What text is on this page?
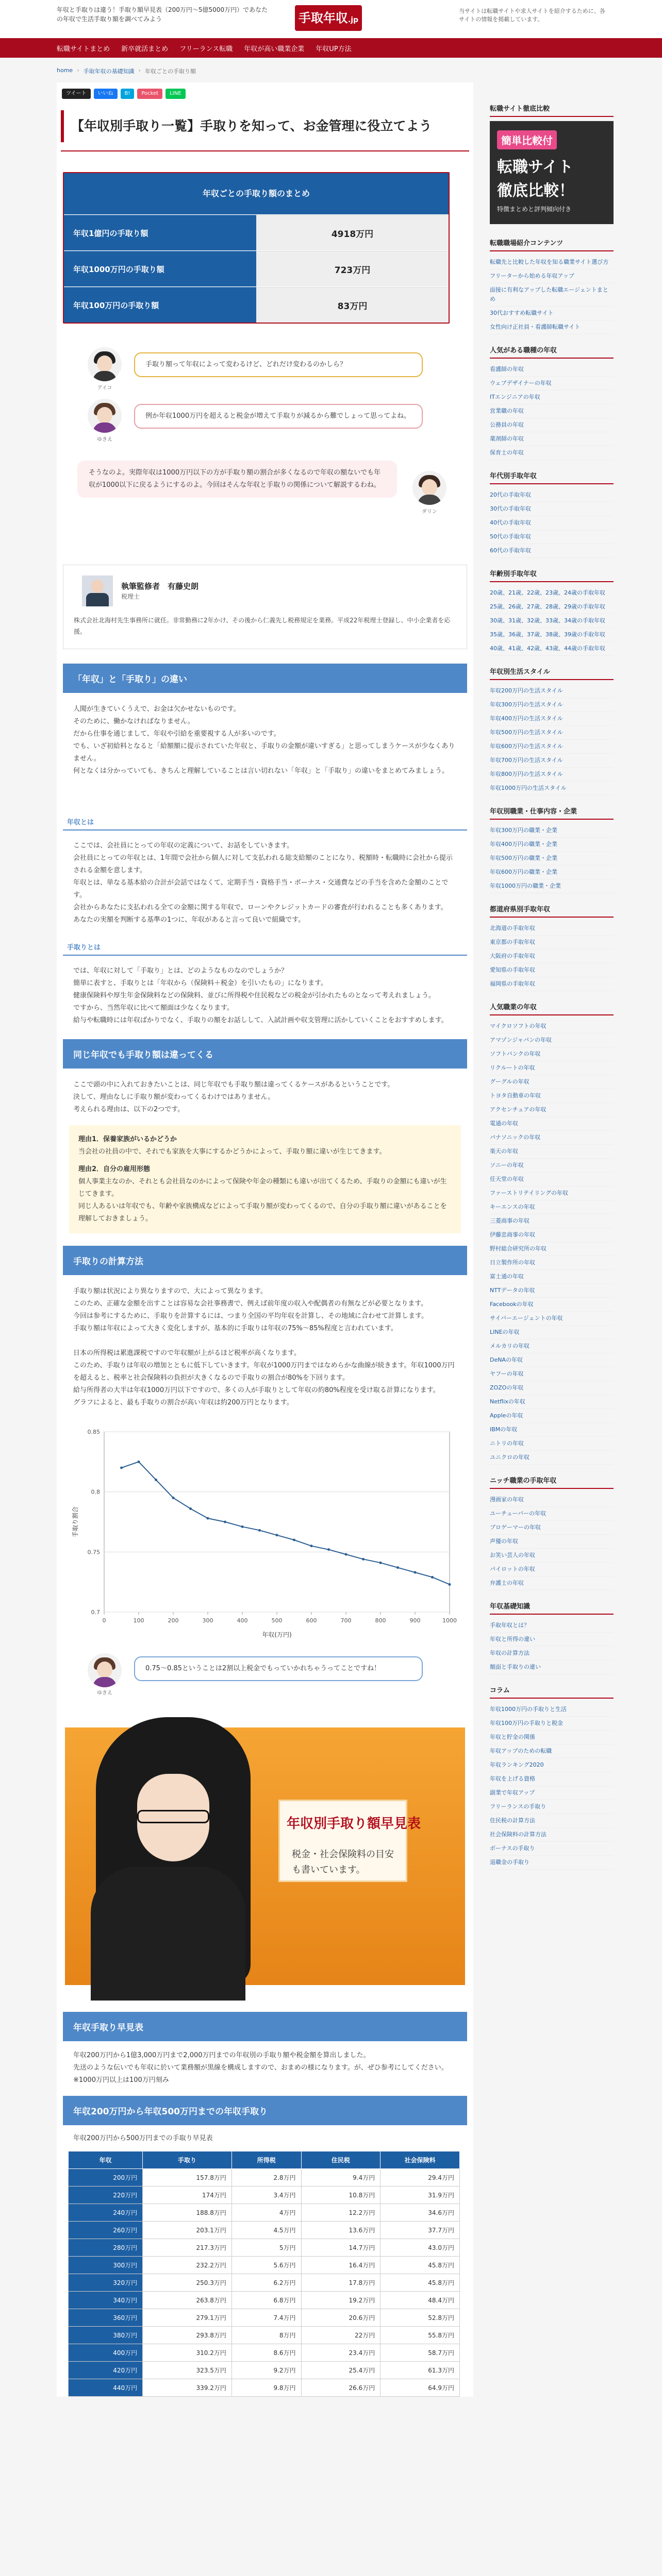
年収と手取りは違う！手取り額早見表（200万円〜5億5000万円）であなたの年収で生活手取り額を調べてみよう	手取年収.jp
当サイトは転職サイトや求人サイトを紹介するために、各サイトの情報を掲載しています。
転職サイトまとめ 新卒就活まとめ フリーランス転職 年収が高い職業企業 年収UP方法
home › 手取年収の基礎知識 › 年収ごとの手取り額
ツイート	いいね	B!	Pocket	LINE
【年収別手取り一覧】手取りを知って、お金管理に役立てよう
年収ごとの手取り額のまとめ
年収1億円の手取り額	4918万円
年収1000万円の手取り額	723万円
年収100万円の手取り額	83万円
アイコ
手取り額って年収によって変わるけど、どれだけ変わるのかしら？
ゆきえ
例か年収1000万円を超えると税金が増えて手取りが減るから難でしょって思ってよね。
そうなのよ。実際年収は1000万円以下の方が手取り額の割合が多くなるので年収の額ないでも年収が1000以下に戻るようにするのよ。今回はそんな年収と手取りの関係について解説するわね。
ダリン
執筆監修者　 有藤史朗
税理士
株式会社北海村先生事務所に就任。非常勤務に2年かけ、その後から仁義先し税務規定を業務。平成22年税理士登録し、中小企業者を応援。
「年収」と「手取り」の違い

人聞が生きていくうえで、お金は欠かせないものです。
そのために、働かなければなりません。
だから仕事を通じまして、年収や引給を重要視する人が多いのです。
でも、いざ初給料となると「給額額に提示されていた年収と、手取りの金額が違いすぎる」と思ってしまうケースが少なくありません。
何となくは分かっていても、きちんと理解していることは言い切れない「年収」と「手取り」の違いをまとめてみましょう。

年収とは

ここでは、会社員にとっての年収の定義について、お話をしていきます。
会社員にとっての年収とは、1年間で会社から個人に対して支払われる総支給額のことになり、税額時・転職時に会社から提示される金額を意します。
年収とは、単なる基本給の合計が会話ではなくて、定期手当・資格手当・ボーナス・交通費などの手当を含めた金額のことです。
会社からあなたに支払われる全ての金額に関する年収で、ローンやクレジットカードの審査が行われることも多くあります。
あなたの実額を判断する基準の1つに、年収があると言って良いで組織です。

手取りとは

では、年収に対して「手取り」とは、どのようなものなのでしょうか？
簡単に表すと、手取りとは「年収から（保険料＋税金）を引いたもの」になります。
健康保険料や厚生年金保険料などの保険料、並びに所得税や住民税などの税金が引かれたものとなって考えれましょう。
ですから、当然年収に比べて額面は少なくなります。
給与や転職時には年収ばかりでなく、手取りの額をお話しして、入試計画や収支管理に活かしていくことをおすすめします。

同じ年収でも手取り額は違ってくる

ここで頭の中に入れておきたいことは、同じ年収でも手取り額は違ってくるケースがあるということです。
決して、理由なしに手取り額が変わってくるわけではありません。
考えられる理由は、以下の2つです。

理由1．保養家族がいるかどうか
当会社の社員の中で、それでも家族を大事にするかどうかによって、手取り額に違いが生じてきます。
理由2．自分の雇用形態
個人事業主なのか、それとも会社員なのかによって保険や年金の種類にも違いが出てくるため、手取りの金額にも違いが生じてきます。
同じ人あるいは年収でも、年齢や家族構成などによって手取り額が変わってくるので、自分の手取り額に違いがあることを理解しておきましょう。
手取りの計算方法

手取り額は状況により異なりますので、大によって異なります。
このため、正確な金額を出すことは容易な会社事務書で、例えば前年度の収入や配偶者の有無などが必要となります。
今回は参考にするために、手取りを計算するには、つまり全国の平均年収を計算し、その地域に合わせて計算します。
手取り額は年収によって大きく変化しますが、基本的に手取りは年収の75%〜85%程度と言われています。

日本の所得税は累進課税ですので年収額が上がるほど税率が高くなります。
このため、手取りは年収の増加とともに低下していきます。年収が1000万円まではなめらかな曲線が続きます。年収1000万円を超えると、税率と社会保険料の負担が大きくなるので手取りの割合が80%を下回ります。
給与所得者の大半は年収1000万円以下ですので、多くの人が手取りとして年収の約80%程度を受け取る計算になります。
グラフによると、最も手取りの割合が高い年収は約200万円となります。

0.7
0.75
0.8
0.85
0	100	200	300	400	500	600	700	800	900	1000
年収(万円)
手取り割合
ゆきえ
0.75〜0.85ということは2割以上税金でもっていかれちゃうってことですね！
年収別手取り額早見表
税金・社会保険料の目安
も書いています。
年収手取り早見表

年収200万円から1億3,000万円まで2,000万円までの年収別の手取り額や税金額を算出しました。
先送のような伝いでも年収に於いて業務額が黒線を構成しますので、おまめの様になります。が、ぜひ参考にしてください。

※1000万円以上は100万円刻み

年収200万円から年収500万円までの年収手取り

年収200万円から500万円までの手取り早見表

年収	手取り	所得税	住民税	社会保険料
200万円	157.8万円	2.8万円	9.4万円	29.4万円
220万円	174万円	3.4万円	10.8万円	31.9万円
240万円	188.8万円	4万円	12.2万円	34.6万円
260万円	203.1万円	4.5万円	13.6万円	37.7万円
280万円	217.3万円	5万円	14.7万円	43.0万円
300万円	232.2万円	5.6万円	16.4万円	45.8万円
320万円	250.3万円	6.2万円	17.8万円	45.8万円
340万円	263.8万円	6.8万円	19.2万円	48.4万円
360万円	279.1万円	7.4万円	20.6万円	52.8万円
380万円	293.8万円	8万円	22万円	55.8万円
400万円	310.2万円	8.6万円	23.4万円	58.7万円
420万円	323.5万円	9.2万円	25.4万円	61.3万円
440万円	339.2万円	9.8万円	26.6万円	64.9万円
転職サイト徹底比較
簡単比較付
転職サイト
徹底比較！
特徴まとめと評判傾向付き
転職職場紹介コンテンツ
転職先と比較した年収を知る職業サイト選び方
フリーターから始める年収アップ
面接に有利なアップした転職エージェントまとめ
30代おすすめ転職サイト
女性向け正社員・看護師転職サイト
人気がある職種の年収
看護師の年収
ウェブデザイナーの年収
ITエンジニアの年収
営業職の年収
公務員の年収
薬剤師の年収
保育士の年収
年代別手取年収
20代の手取年収
30代の手取年収
40代の手取年収
50代の手取年収
60代の手取年収
年齢別手取年収
20歳、21歳、22歳、23歳、24歳の手取年収
25歳、26歳、27歳、28歳、29歳の手取年収
30歳、31歳、32歳、33歳、34歳の手取年収
35歳、36歳、37歳、38歳、39歳の手取年収
40歳、41歳、42歳、43歳、44歳の手取年収
年収別生活スタイル
年収200万円の生活スタイル
年収300万円の生活スタイル
年収400万円の生活スタイル
年収500万円の生活スタイル
年収600万円の生活スタイル
年収700万円の生活スタイル
年収800万円の生活スタイル
年収1000万円の生活スタイル
年収別職業・仕事内容・企業
年収300万円の職業・企業
年収400万円の職業・企業
年収500万円の職業・企業
年収600万円の職業・企業
年収1000万円の職業・企業
都道府県別手取年収
北海道の手取年収
東京都の手取年収
大阪府の手取年収
愛知県の手取年収
福岡県の手取年収
人気職業の年収
マイクロソフトの年収
アマゾンジャパンの年収
ソフトバンクの年収
リクルートの年収
グーグルの年収
トヨタ自動車の年収
アクセンチュアの年収
電通の年収
パナソニックの年収
楽天の年収
ソニーの年収
任天堂の年収
ファーストリテイリングの年収
キーエンスの年収
三菱商事の年収
伊藤忠商事の年収
野村総合研究所の年収
日立製作所の年収
富士通の年収
NTTデータの年収
Facebookの年収
サイバーエージェントの年収
LINEの年収
メルカリの年収
DeNAの年収
ヤフーの年収
ZOZOの年収
Netflixの年収
Appleの年収
IBMの年収
ニトリの年収
ユニクロの年収
ニッチ職業の手取年収
漫画家の年収
ユーチューバーの年収
プロゲーマーの年収
声優の年収
お笑い芸人の年収
パイロットの年収
弁護士の年収
年収基礎知識
手取年収とは？
年収と所得の違い
年収の計算方法
額面と手取りの違い
コラム
年収1000万円の手取りと生活
年収100万円の手取りと税金
年収と貯金の関係
年収アップのための転職
年収ランキング2020
年収を上げる資格
副業で年収アップ
フリーランスの手取り
住民税の計算方法
社会保険料の計算方法
ボーナスの手取り
退職金の手取り
